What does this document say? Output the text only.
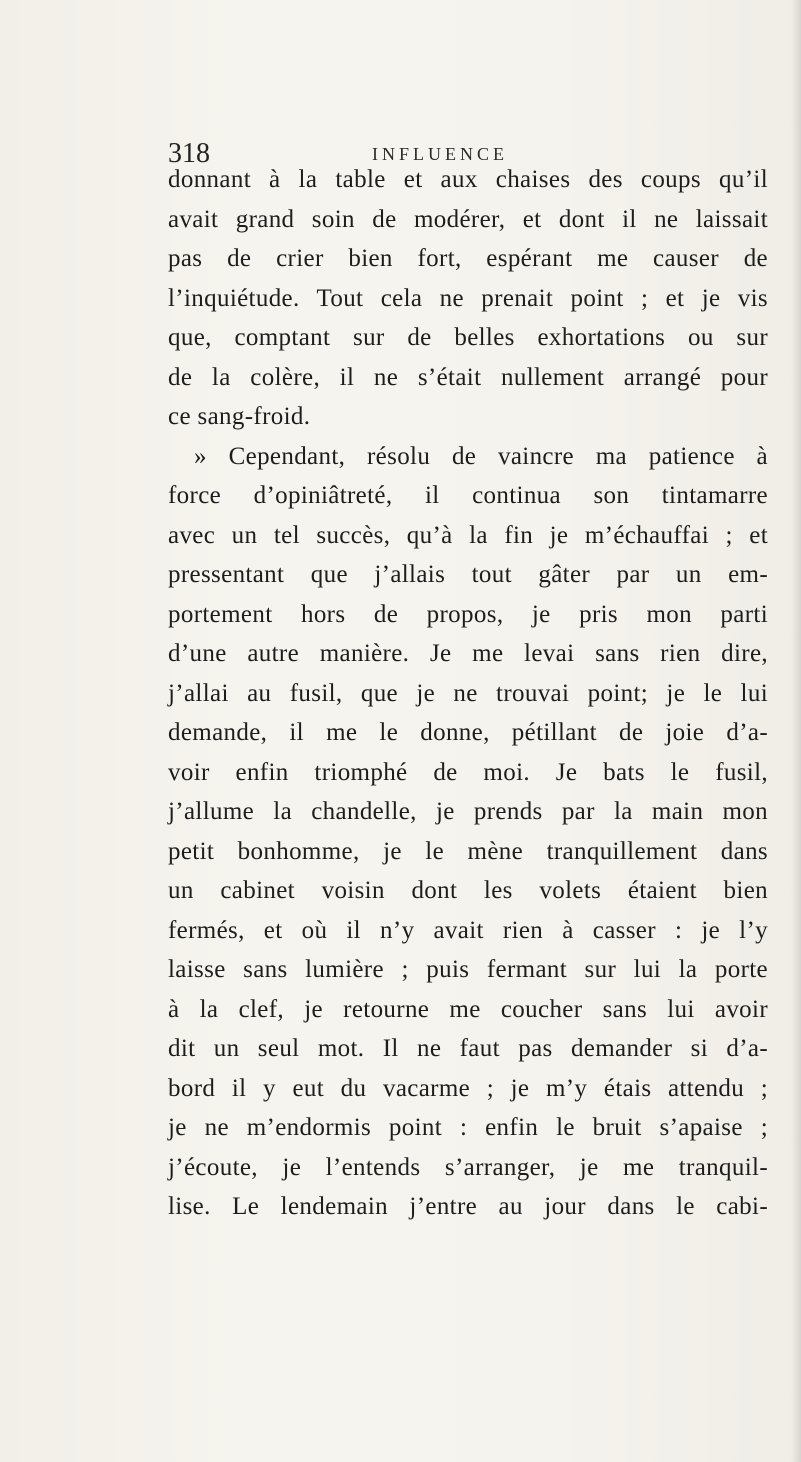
318	INFLUENCE
donnant à la table et aux chaises des coups qu’il
avait grand soin de modérer, et dont il ne laissait
pas de crier bien fort, espérant me causer de
l’inquiétude. Tout cela ne prenait point ; et je vis
que, comptant sur de belles exhortations ou sur
de la colère, il ne s’était nullement arrangé pour
ce sang-froid.
» Cependant, résolu de vaincre ma patience à
force d’opiniâtreté, il continua son tintamarre
avec un tel succès, qu’à la fin je m’échauffai ; et
pressentant que j’allais tout gâter par un em-
portement hors de propos, je pris mon parti
d’une autre manière. Je me levai sans rien dire,
j’allai au fusil, que je ne trouvai point; je le lui
demande, il me le donne, pétillant de joie d’a-
voir enfin triomphé de moi. Je bats le fusil,
j’allume la chandelle, je prends par la main mon
petit bonhomme, je le mène tranquillement dans
un cabinet voisin dont les volets étaient bien
fermés, et où il n’y avait rien à casser : je l’y
laisse sans lumière ; puis fermant sur lui la porte
à la clef, je retourne me coucher sans lui avoir
dit un seul mot. Il ne faut pas demander si d’a-
bord il y eut du vacarme ; je m’y étais attendu ;
je ne m’endormis point : enfin le bruit s’apaise ;
j’écoute, je l’entends s’arranger, je me tranquil-
lise. Le lendemain j’entre au jour dans le cabi-
